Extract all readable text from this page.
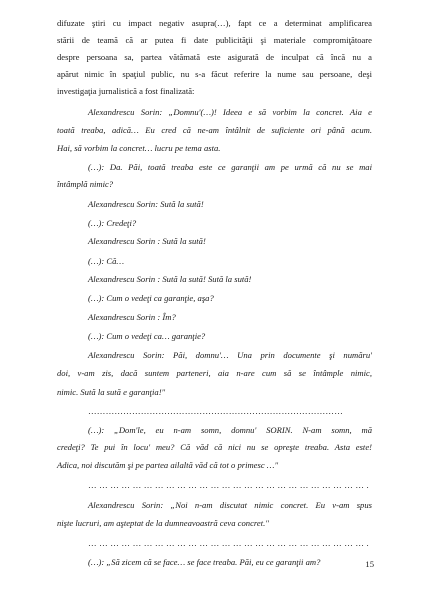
difuzate ştiri cu impact negativ asupra(…), fapt ce a determinat amplificarea
stării de teamă că ar putea fi date publicităţii şi materiale compromiţătoare
despre persoana sa, partea vătămată este asigurată de inculpat că încă nu a
apărut nimic în spaţiul public, nu s-a făcut referire la nume sau persoane, deşi
investigaţia jurnalistică a fost finalizată:
Alexandrescu Sorin: „Domnu'(…)! Ideea e să vorbim la concret. Aia e
toată treaba, adică… Eu cred că ne-am întâlnit de suficiente ori până acum.
Hai, să vorbim la concret… lucru pe tema asta.
(…): Da. Păi, toată treaba este ce garanţii am pe urmă că nu se mai
întâmplă nimic?
Alexandrescu Sorin: Sută la sută!
(…): Credeţi?
Alexandrescu Sorin : Sută la sută!
(…): Că…
Alexandrescu Sorin : Sută la sută! Sută la sută!
(…): Cum o vedeţi ca garanţie, aşa?
Alexandrescu Sorin : Îm?
(…): Cum o vedeţi ca… garanţie?
Alexandrescu Sorin: Păi, domnu'… Una prin documente şi număru'
doi, v-am zis, dacă suntem parteneri, aia n-are cum să se întâmple nimic,
nimic. Sută la sută e garanţia!"
……………………………………………………………………………
(…): „Dom'le, eu n-am somn, domnu' SORIN. N-am somn, mă
credeţi? Te pui în locu' meu? Că văd că nici nu se opreşte treaba. Asta este!
Adica, noi discutăm şi pe partea ailaltă văd că tot o primesc …"
… … … … … … … … … … … … … … … … … … … … … … … … … .
Alexandrescu Sorin: „Noi n-am discutat nimic concret. Eu v-am spus
nişte lucruri, am aşteptat de la dumneavoastră ceva concret."
… … … … … … … … … … … … … … … … … … … … … … … … … .
(…): „Să zicem că se face… se face treaba. Păi, eu ce garanţii am?	15
